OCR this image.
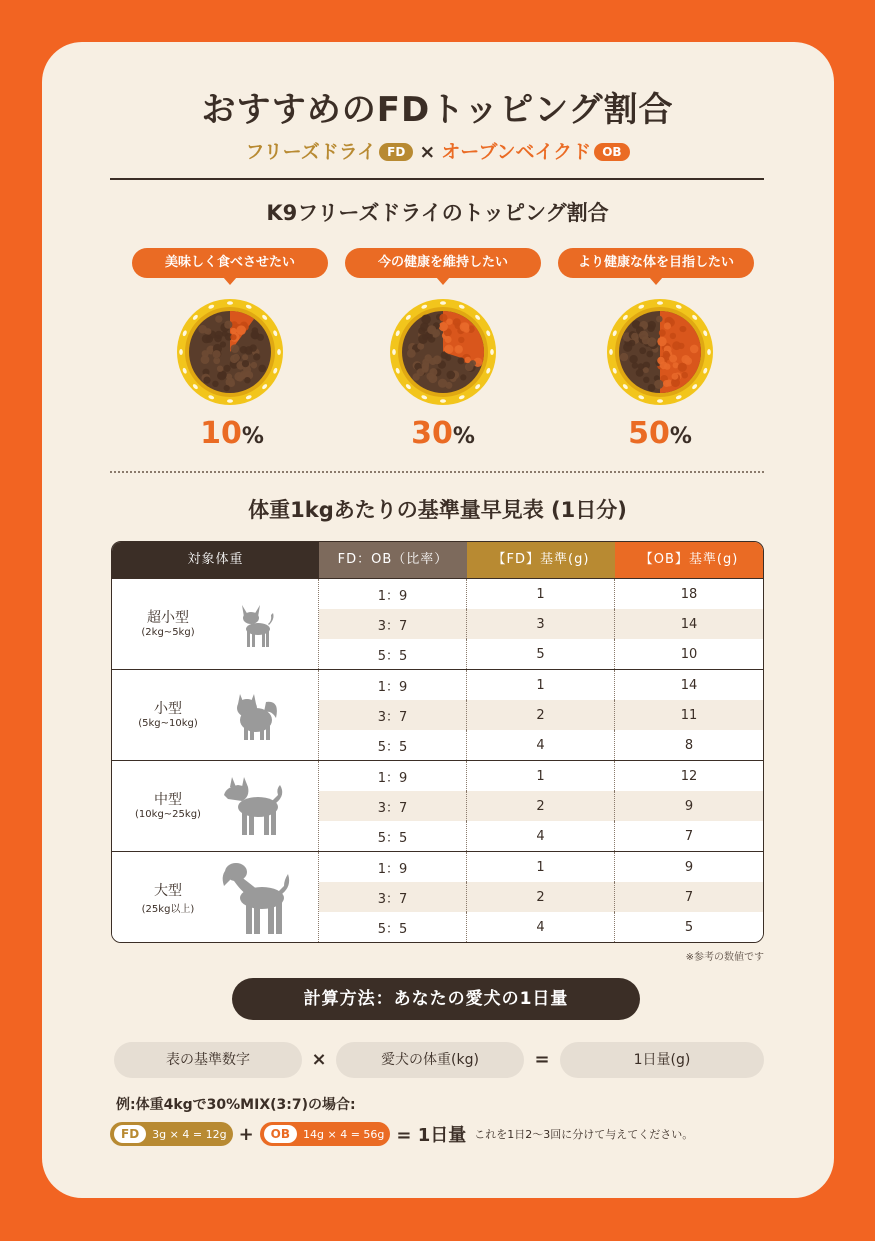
おすすめのFDトッピング割合
フリーズドライ FD × オーブンベイクド OB
K9フリーズドライのトッピング割合
美味しく食べさせたい	今の健康を維持したい	より健康な体を目指したい
10%	30%	50%
体重1kgあたりの基準量早見表 (1日分)
対象体重	FD：OB（比率）	【FD】基準(g)	【OB】基準(g)
超小型
(2kg~5kg)
1：9	1	18
3：7	3	14
5：5	5	10
小型
(5kg~10kg)
1：9	1	14
3：7	2	11
5：5	4	8
中型
(10kg~25kg)
1：9	1	12
3：7	2	9
5：5	4	7
大型
(25kg以上)
1：9	1	9
3：7	2	7
5：5	4	5
※参考の数値です
計算方法：あなたの愛犬の1日量
表の基準数字	×	愛犬の体重(kg)	=	1日量(g)
例:体重4kgで30%MIX(3:7)の場合:
FD	3g × 4 = 12g +	OB	14g × 4 = 56g = 1日量 これを1日2〜3回に分けて与えてください。
